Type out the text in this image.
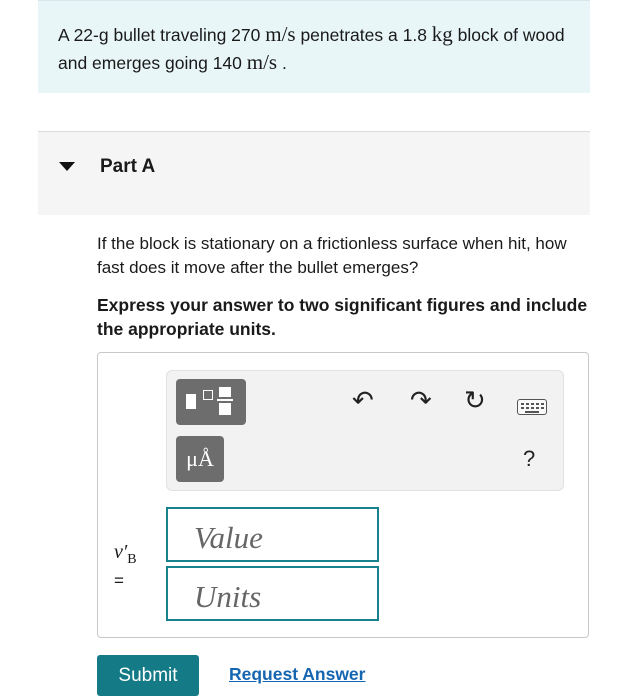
A 22-g bullet traveling 270 m/s penetrates a 1.8 kg block of wood and emerges going 140 m/s .
Part A
If the block is stationary on a frictionless surface when hit, how fast does it move after the bullet emerges?
Express your answer to two significant figures and include the appropriate units.
μÅ
↶ ↷ ↻
?
$v'_B$
=
Value
Units
Submit	Request Answer
